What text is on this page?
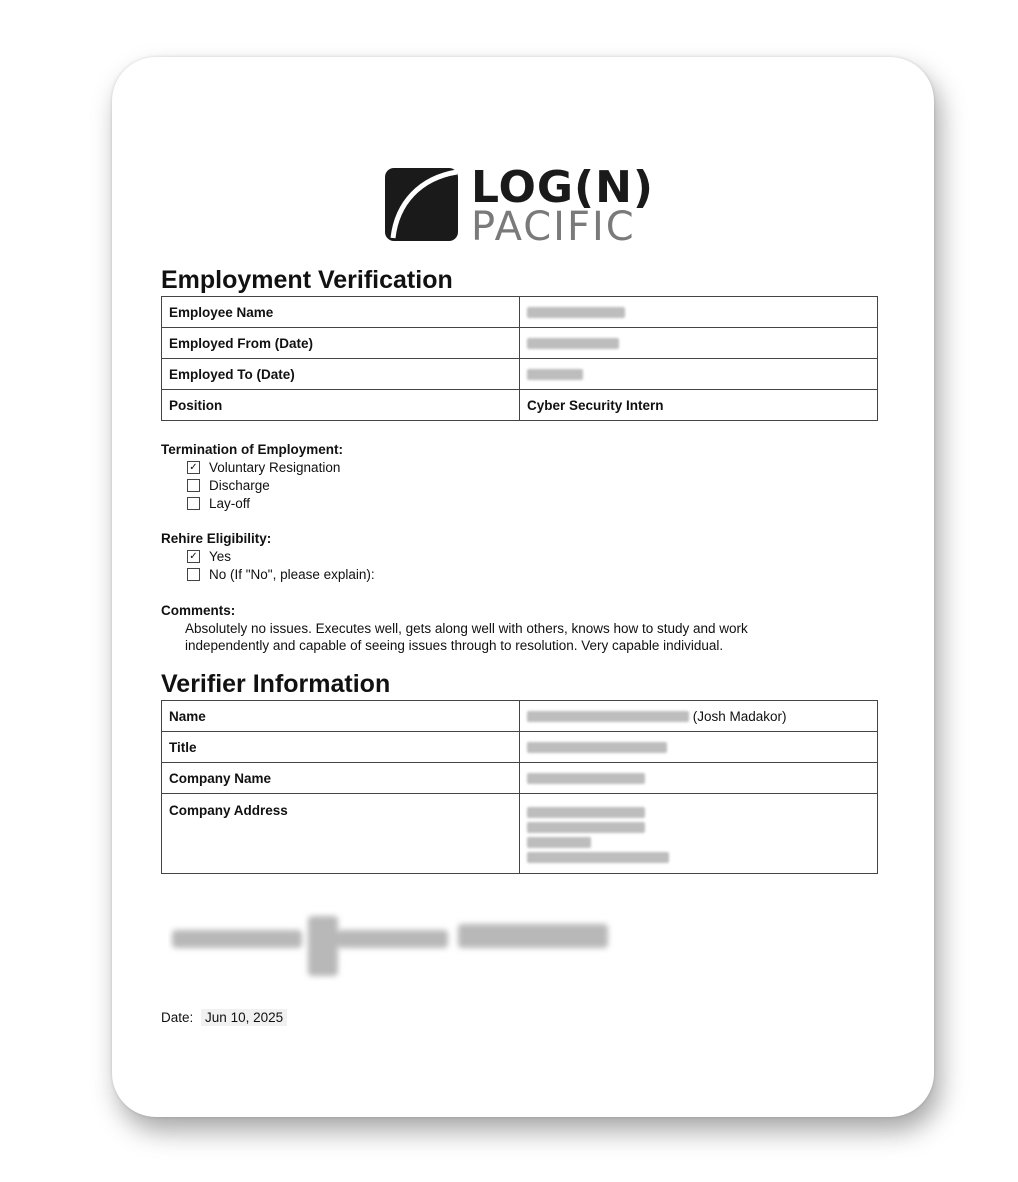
LOG(N)
PACIFIC
Employment Verification
Employee Name	
Employed From (Date)	
Employed To (Date)	
Position	Cyber Security Intern
Termination of Employment:
✓ Voluntary Resignation
Discharge
Lay-off
Rehire Eligibility:
✓ Yes
No (If "No", please explain):
Comments:
Absolutely no issues. Executes well, gets along well with others, knows how to study and work independently and capable of seeing issues through to resolution. Very capable individual.
Verifier Information
Name	(Josh Madakor)
Title	
Company Name	
Company Address	
Date: Jun 10, 2025
